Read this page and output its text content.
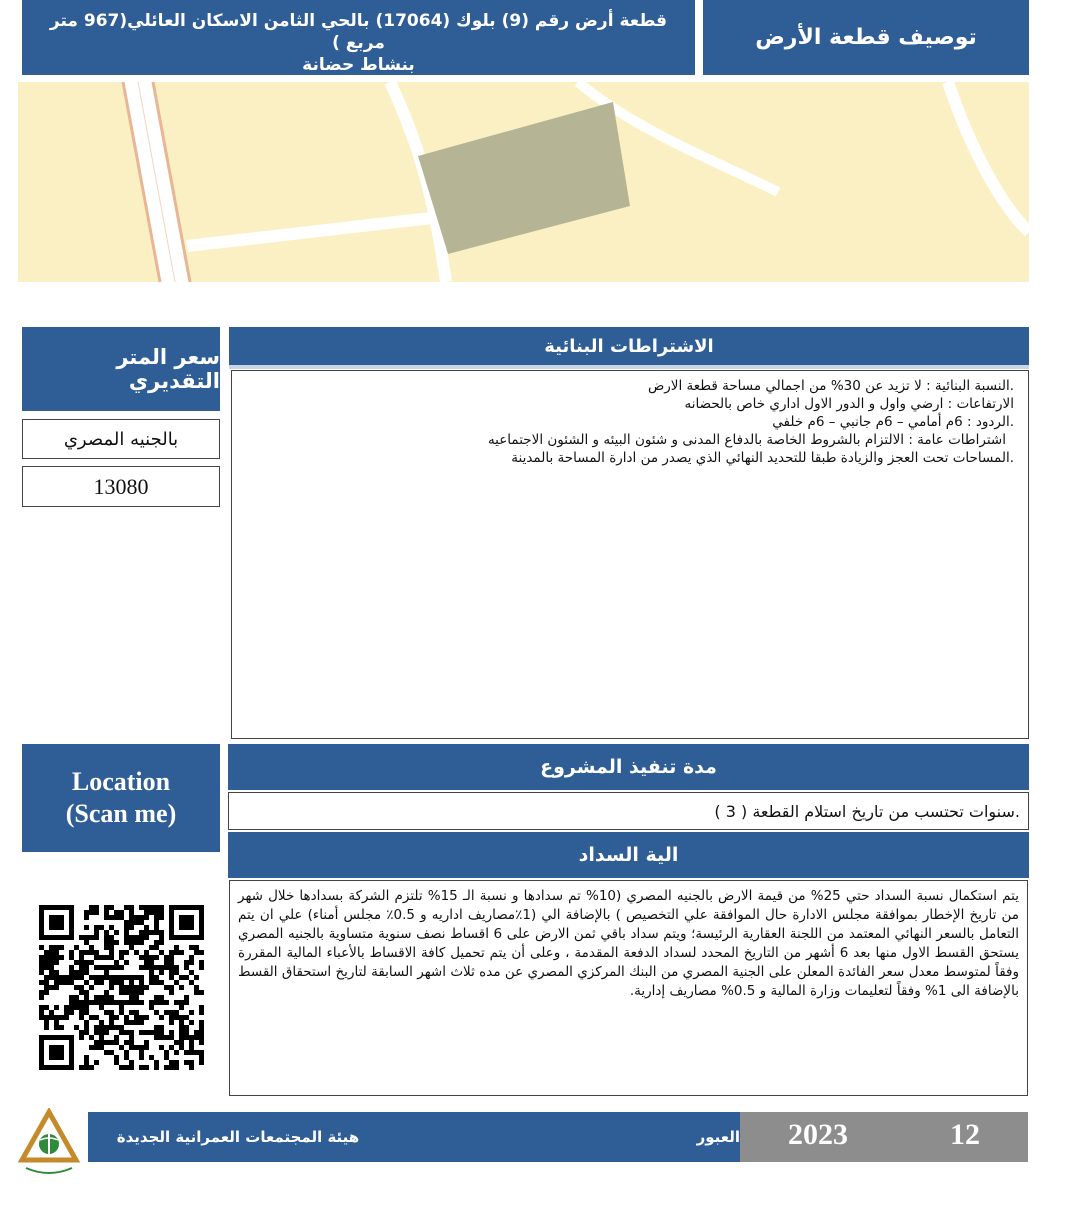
توصيف قطعة الأرض
قطعة أرض رقم (9) بلوك (17064) بالحي الثامن الاسكان العائلي(967 متر مربع )
بنشاط حضانة
سعر المتر التقديري
بالجنيه المصري
13080
الاشتراطات البنائية
.النسبة البنائية : لا تزيد عن 30% من اجمالي مساحة قطعة الارض
الارتفاعات : ارضي واول و الدور الاول اداري خاص بالحضانه
.الردود : 6م أمامي – 6م جانبي – 6م خلفي
اشتراطات عامة : الالتزام بالشروط الخاصة بالدفاع المدنى و شئون البيئه و الشئون الاجتماعيه
.المساحات تحت العجز والزيادة طبقا للتحديد النهائي الذي يصدر من ادارة المساحة بالمدينة
Location
(Scan me)
مدة تنفيذ المشروع
.سنوات تحتسب من تاريخ استلام القطعة ( 3 )
الية السداد
يتم استكمال نسبة السداد حتي 25% من قيمة الارض بالجنيه المصري (10% تم سدادها و نسبة الـ 15% تلتزم الشركة بسدادها خلال شهر من تاريخ الإخطار بموافقة مجلس الادارة حال الموافقة علي التخصيص ) بالإضافة الي (1٪مصاريف اداريه و 0.5٪ مجلس أمناء) علي ان يتم التعامل بالسعر النهائي المعتمد من اللجنة العقارية الرئيسة؛ ويتم سداد باقي ثمن الارض على 6 اقساط نصف سنوية متساوية بالجنيه المصري يستحق القسط الاول منها بعد 6 أشهر من التاريخ المحدد لسداد الدفعة المقدمة ، وعلى أن يتم تحميل كافة الاقساط بالأعباء المالية المقررة وفقاً لمتوسط معدل سعر الفائدة المعلن على الجنية المصري من البنك المركزي المصري عن مده ثلاث اشهر السابقة لتاريخ استحقاق القسط بالإضافة الى 1% وفقاً لتعليمات وزارة المالية و 0.5% مصاريف إدارية.
هيئة المجتمعات العمرانية الجديدة	العبور 2023	12
